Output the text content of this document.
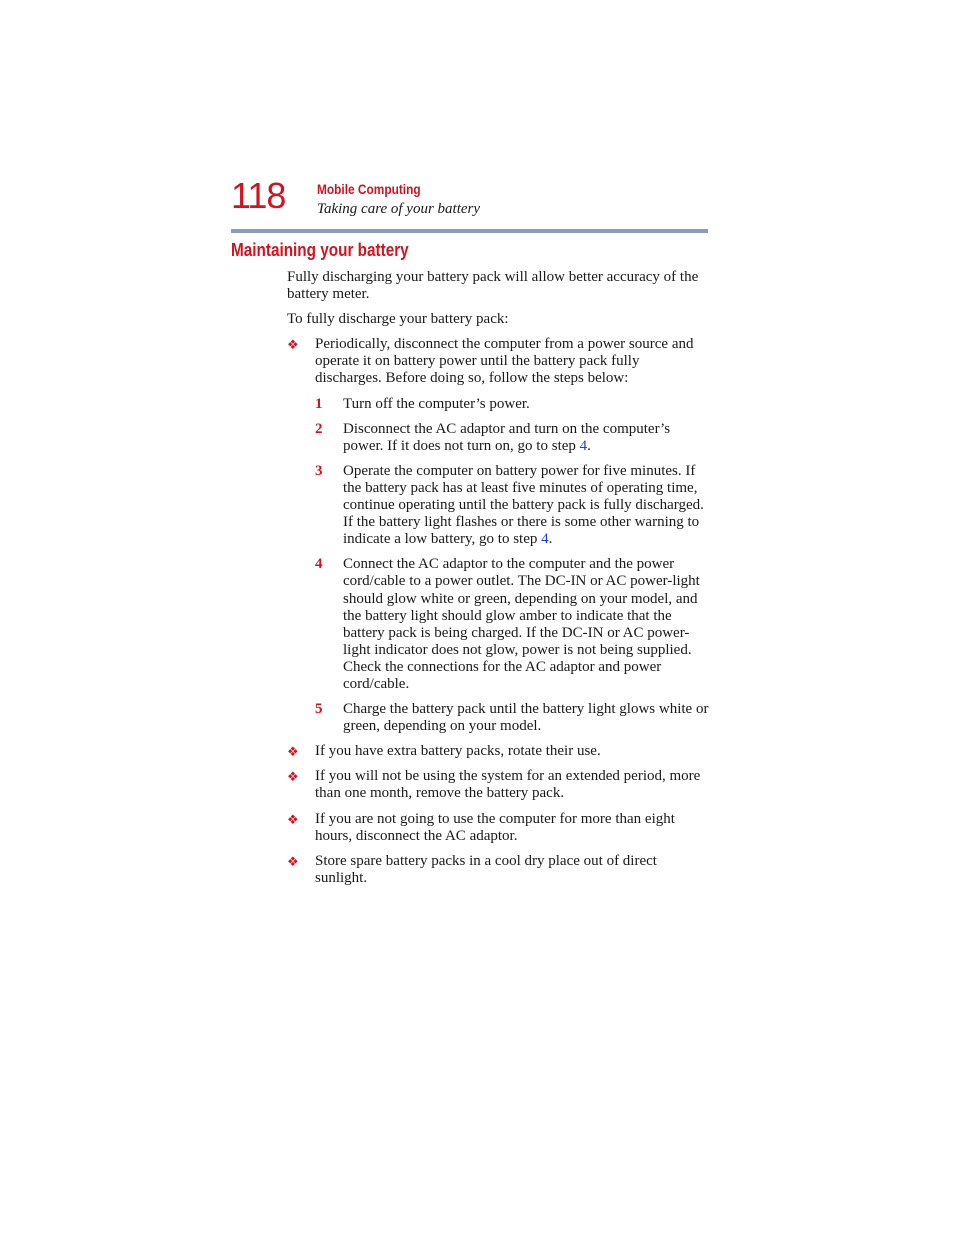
118 Mobile Computing
Taking care of your battery
Maintaining your battery

Fully discharging your battery pack will allow better accuracy of the battery meter.

To fully discharge your battery pack:

❖ Periodically, disconnect the computer from a power source and operate it on battery power until the battery pack fully discharges. Before doing so, follow the steps below:
1 Turn off the computer’s power.
2 Disconnect the AC adaptor and turn on the computer’s power. If it does not turn on, go to step 4.
3 Operate the computer on battery power for five minutes. If the battery pack has at least five minutes of operating time, continue operating until the battery pack is fully discharged. If the battery light flashes or there is some other warning to indicate a low battery, go to step 4.
4 Connect the AC adaptor to the computer and the power cord/cable to a power outlet. The DC-IN or AC power-light should glow white or green, depending on your model, and the battery light should glow amber to indicate that the battery pack is being charged. If the DC-IN or AC power-light indicator does not glow, power is not being supplied. Check the connections for the AC adaptor and power cord/cable.
5 Charge the battery pack until the battery light glows white or green, depending on your model.
❖ If you have extra battery packs, rotate their use.
❖ If you will not be using the system for an extended period, more than one month, remove the battery pack.
❖ If you are not going to use the computer for more than eight hours, disconnect the AC adaptor.
❖ Store spare battery packs in a cool dry place out of direct sunlight.
